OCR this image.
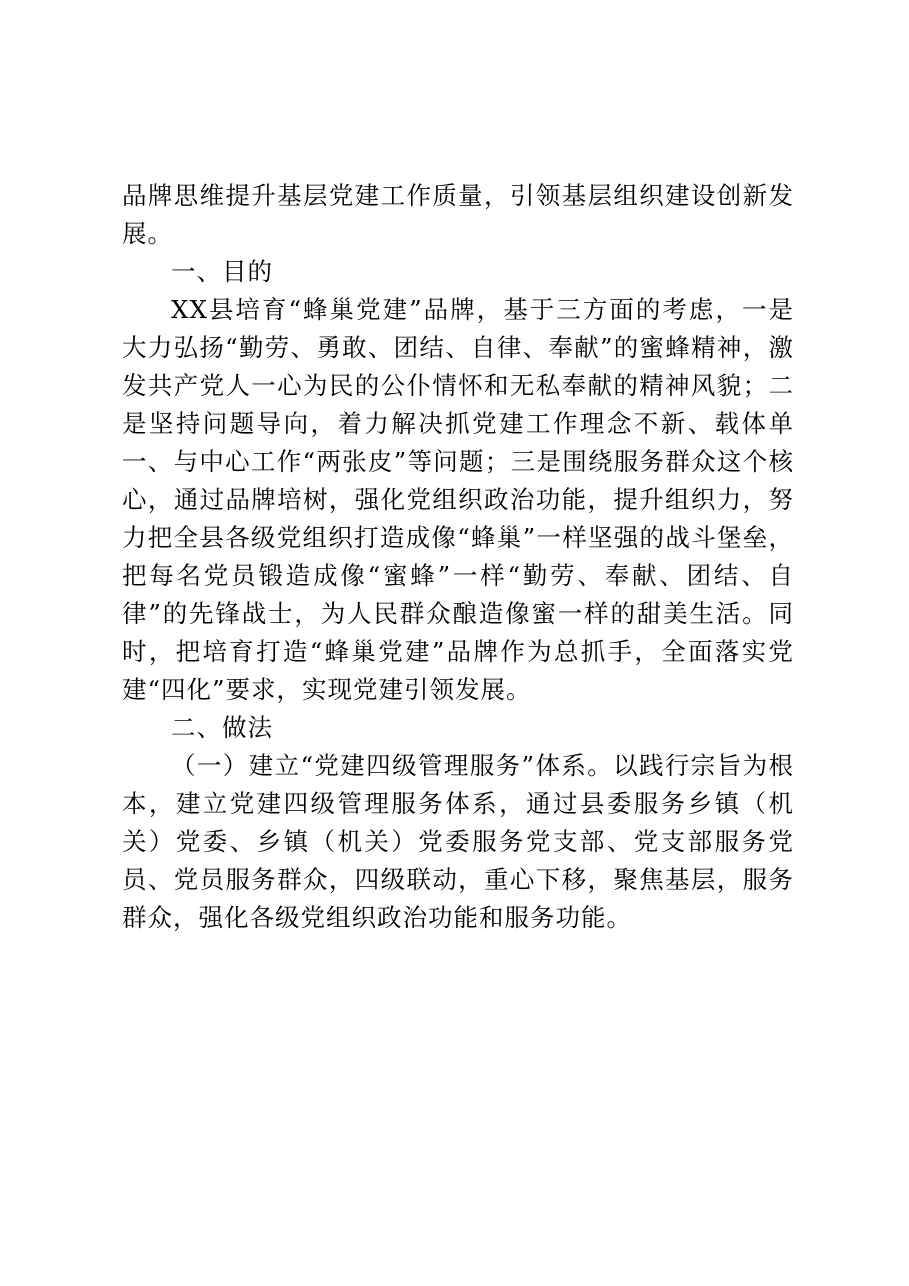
品牌思维提升基层党建工作质量，引领基层组织建设创新发展。

一、目的

XX县培育“蜂巢党建”品牌，基于三方面的考虑，一是大力弘扬“勤劳、勇敢、团结、自律、奉献”的蜜蜂精神，激发共产党人一心为民的公仆情怀和无私奉献的精神风貌；二是坚持问题导向，着力解决抓党建工作理念不新、载体单一、与中心工作“两张皮”等问题；三是围绕服务群众这个核心，通过品牌培树，强化党组织政治功能，提升组织力，努力把全县各级党组织打造成像“蜂巢”一样坚强的战斗堡垒，把每名党员锻造成像“蜜蜂”一样“勤劳、奉献、团结、自律”的先锋战士，为人民群众酿造像蜜一样的甜美生活。同时，把培育打造“蜂巢党建”品牌作为总抓手，全面落实党建“四化”要求，实现党建引领发展。

二、做法

（一）建立“党建四级管理服务”体系。以践行宗旨为根本，建立党建四级管理服务体系，通过县委服务乡镇（机关）党委、乡镇（机关）党委服务党支部、党支部服务党员、党员服务群众，四级联动，重心下移，聚焦基层，服务群众，强化各级党组织政治功能和服务功能。
